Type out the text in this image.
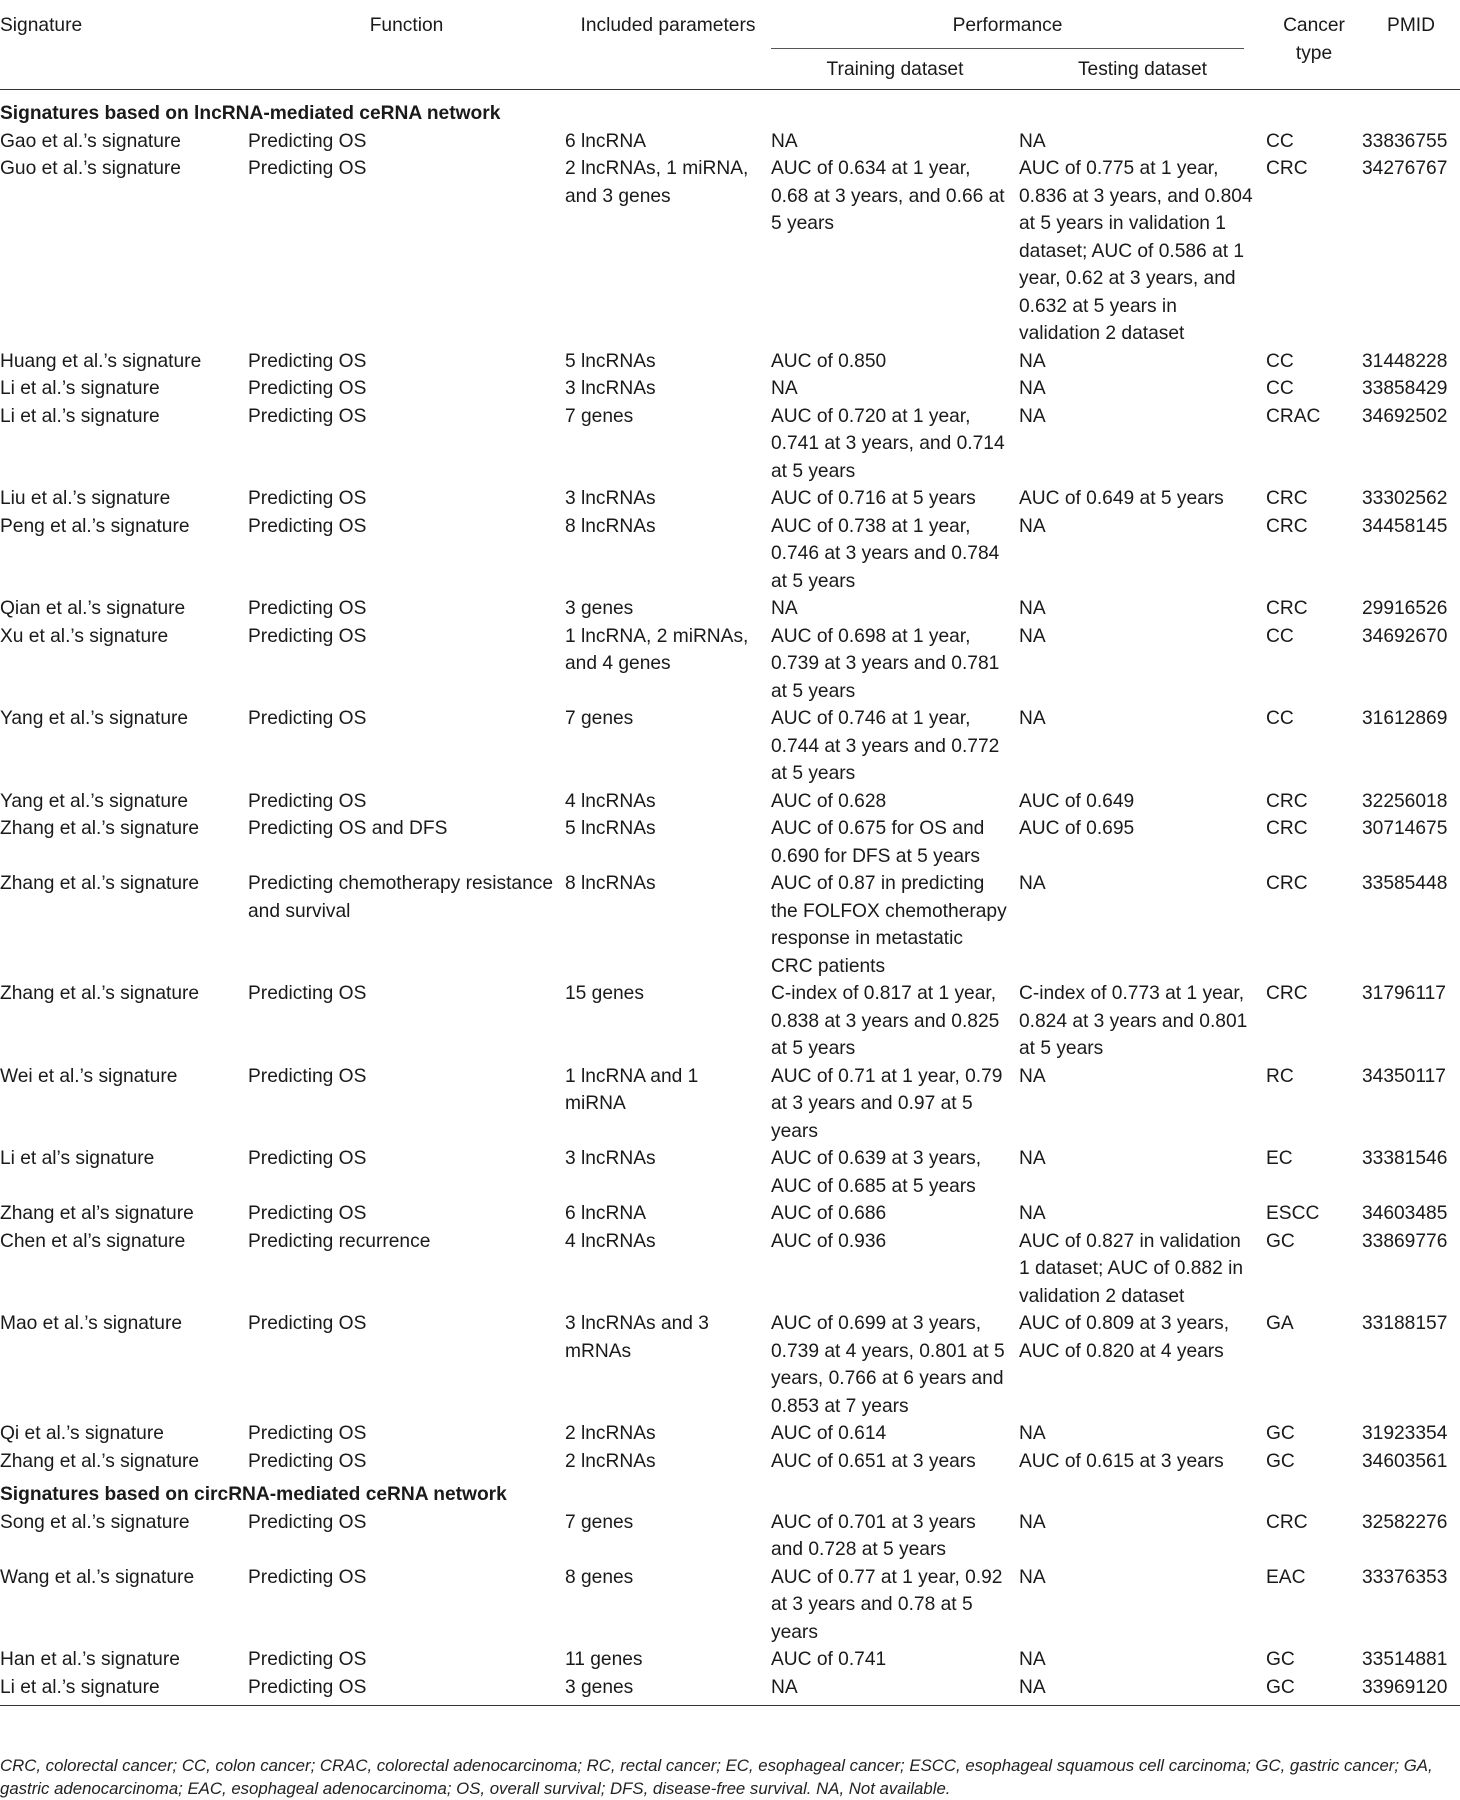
Signature	Function	Included parameters	Performance		Cancer type	PMID
			Training dataset	Testing dataset		
Signatures based on lncRNA-mediated ceRNA network						
Gao et al.’s signature	Predicting OS	6 lncRNA	NA	NA	CC	33836755
Guo et al.’s signature	Predicting OS	2 lncRNAs, 1 miRNA, and 3 genes	AUC of 0.634 at 1 year, 0.68 at 3 years, and 0.66 at 5 years	AUC of 0.775 at 1 year, 0.836 at 3 years, and 0.804 at 5 years in validation 1 dataset; AUC of 0.586 at 1 year, 0.62 at 3 years, and 0.632 at 5 years in validation 2 dataset	CRC	34276767
Huang et al.’s signature	Predicting OS	5 lncRNAs	AUC of 0.850	NA	CC	31448228
Li et al.’s signature	Predicting OS	3 lncRNAs	NA	NA	CC	33858429
Li et al.’s signature	Predicting OS	7 genes	AUC of 0.720 at 1 year, 0.741 at 3 years, and 0.714 at 5 years	NA	CRAC	34692502
Liu et al.’s signature	Predicting OS	3 lncRNAs	AUC of 0.716 at 5 years	AUC of 0.649 at 5 years	CRC	33302562
Peng et al.’s signature	Predicting OS	8 lncRNAs	AUC of 0.738 at 1 year, 0.746 at 3 years and 0.784 at 5 years	NA	CRC	34458145
Qian et al.’s signature	Predicting OS	3 genes	NA	NA	CRC	29916526
Xu et al.’s signature	Predicting OS	1 lncRNA, 2 miRNAs, and 4 genes	AUC of 0.698 at 1 year, 0.739 at 3 years and 0.781 at 5 years	NA	CC	34692670
Yang et al.’s signature	Predicting OS	7 genes	AUC of 0.746 at 1 year, 0.744 at 3 years and 0.772 at 5 years	NA	CC	31612869
Yang et al.’s signature	Predicting OS	4 lncRNAs	AUC of 0.628	AUC of 0.649	CRC	32256018
Zhang et al.’s signature	Predicting OS and DFS	5 lncRNAs	AUC of 0.675 for OS and 0.690 for DFS at 5 years	AUC of 0.695	CRC	30714675
Zhang et al.’s signature	Predicting chemotherapy resistance and survival	8 lncRNAs	AUC of 0.87 in predicting the FOLFOX chemotherapy response in metastatic CRC patients	NA	CRC	33585448
Zhang et al.’s signature	Predicting OS	15 genes	C-index of 0.817 at 1 year, 0.838 at 3 years and 0.825 at 5 years	C-index of 0.773 at 1 year, 0.824 at 3 years and 0.801 at 5 years	CRC	31796117
Wei et al.’s signature	Predicting OS	1 lncRNA and 1 miRNA	AUC of 0.71 at 1 year, 0.79 at 3 years and 0.97 at 5 years	NA	RC	34350117
Li et al’s signature	Predicting OS	3 lncRNAs	AUC of 0.639 at 3 years, AUC of 0.685 at 5 years	NA	EC	33381546
Zhang et al’s signature	Predicting OS	6 lncRNA	AUC of 0.686	NA	ESCC	34603485
Chen et al’s signature	Predicting recurrence	4 lncRNAs	AUC of 0.936	AUC of 0.827 in validation 1 dataset; AUC of 0.882 in validation 2 dataset	GC	33869776
Mao et al.’s signature	Predicting OS	3 lncRNAs and 3 mRNAs	AUC of 0.699 at 3 years, 0.739 at 4 years, 0.801 at 5 years, 0.766 at 6 years and 0.853 at 7 years	AUC of 0.809 at 3 years, AUC of 0.820 at 4 years	GA	33188157
Qi et al.’s signature	Predicting OS	2 lncRNAs	AUC of 0.614	NA	GC	31923354
Zhang et al.’s signature	Predicting OS	2 lncRNAs	AUC of 0.651 at 3 years	AUC of 0.615 at 3 years	GC	34603561
Signatures based on circRNA-mediated ceRNA network						
Song et al.’s signature	Predicting OS	7 genes	AUC of 0.701 at 3 years and 0.728 at 5 years	NA	CRC	32582276
Wang et al.’s signature	Predicting OS	8 genes	AUC of 0.77 at 1 year, 0.92 at 3 years and 0.78 at 5 years	NA	EAC	33376353
Han et al.’s signature	Predicting OS	11 genes	AUC of 0.741	NA	GC	33514881
Li et al.’s signature	Predicting OS	3 genes	NA	NA	GC	33969120

CRC, colorectal cancer; CC, colon cancer; CRAC, colorectal adenocarcinoma; RC, rectal cancer; EC, esophageal cancer; ESCC, esophageal squamous cell carcinoma; GC, gastric cancer; GA, gastric adenocarcinoma; EAC, esophageal adenocarcinoma; OS, overall survival; DFS, disease-free survival. NA, Not available.
